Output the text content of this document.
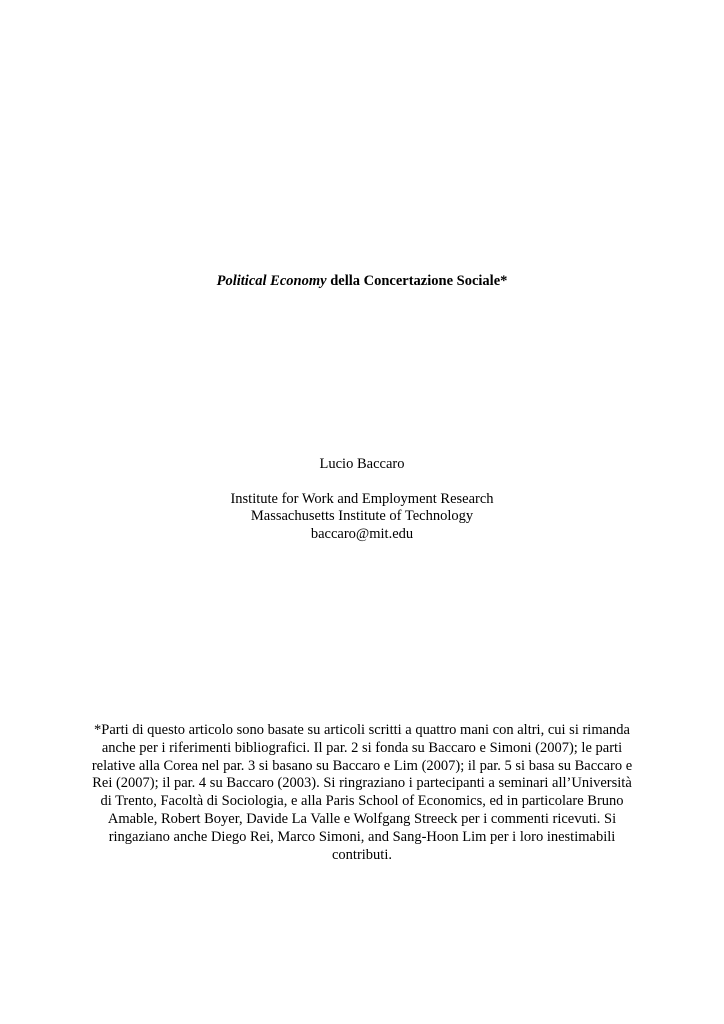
Political Economy della Concertazione Sociale*
Lucio Baccaro
Institute for Work and Employment Research
Massachusetts Institute of Technology
baccaro@mit.edu
*Parti di questo articolo sono basate su articoli scritti a quattro mani con altri, cui si rimanda
anche per i riferimenti bibliografici. Il par. 2 si fonda su Baccaro e Simoni (2007); le parti
relative alla Corea nel par. 3 si basano su Baccaro e Lim (2007); il par. 5 si basa su Baccaro e
Rei (2007); il par. 4 su Baccaro (2003). Si ringraziano i partecipanti a seminari all’Università
di Trento, Facoltà di Sociologia, e alla Paris School of Economics, ed in particolare Bruno
Amable, Robert Boyer, Davide La Valle e Wolfgang Streeck per i commenti ricevuti. Si
ringaziano anche Diego Rei, Marco Simoni, and Sang-Hoon Lim per i loro inestimabili
contributi.
